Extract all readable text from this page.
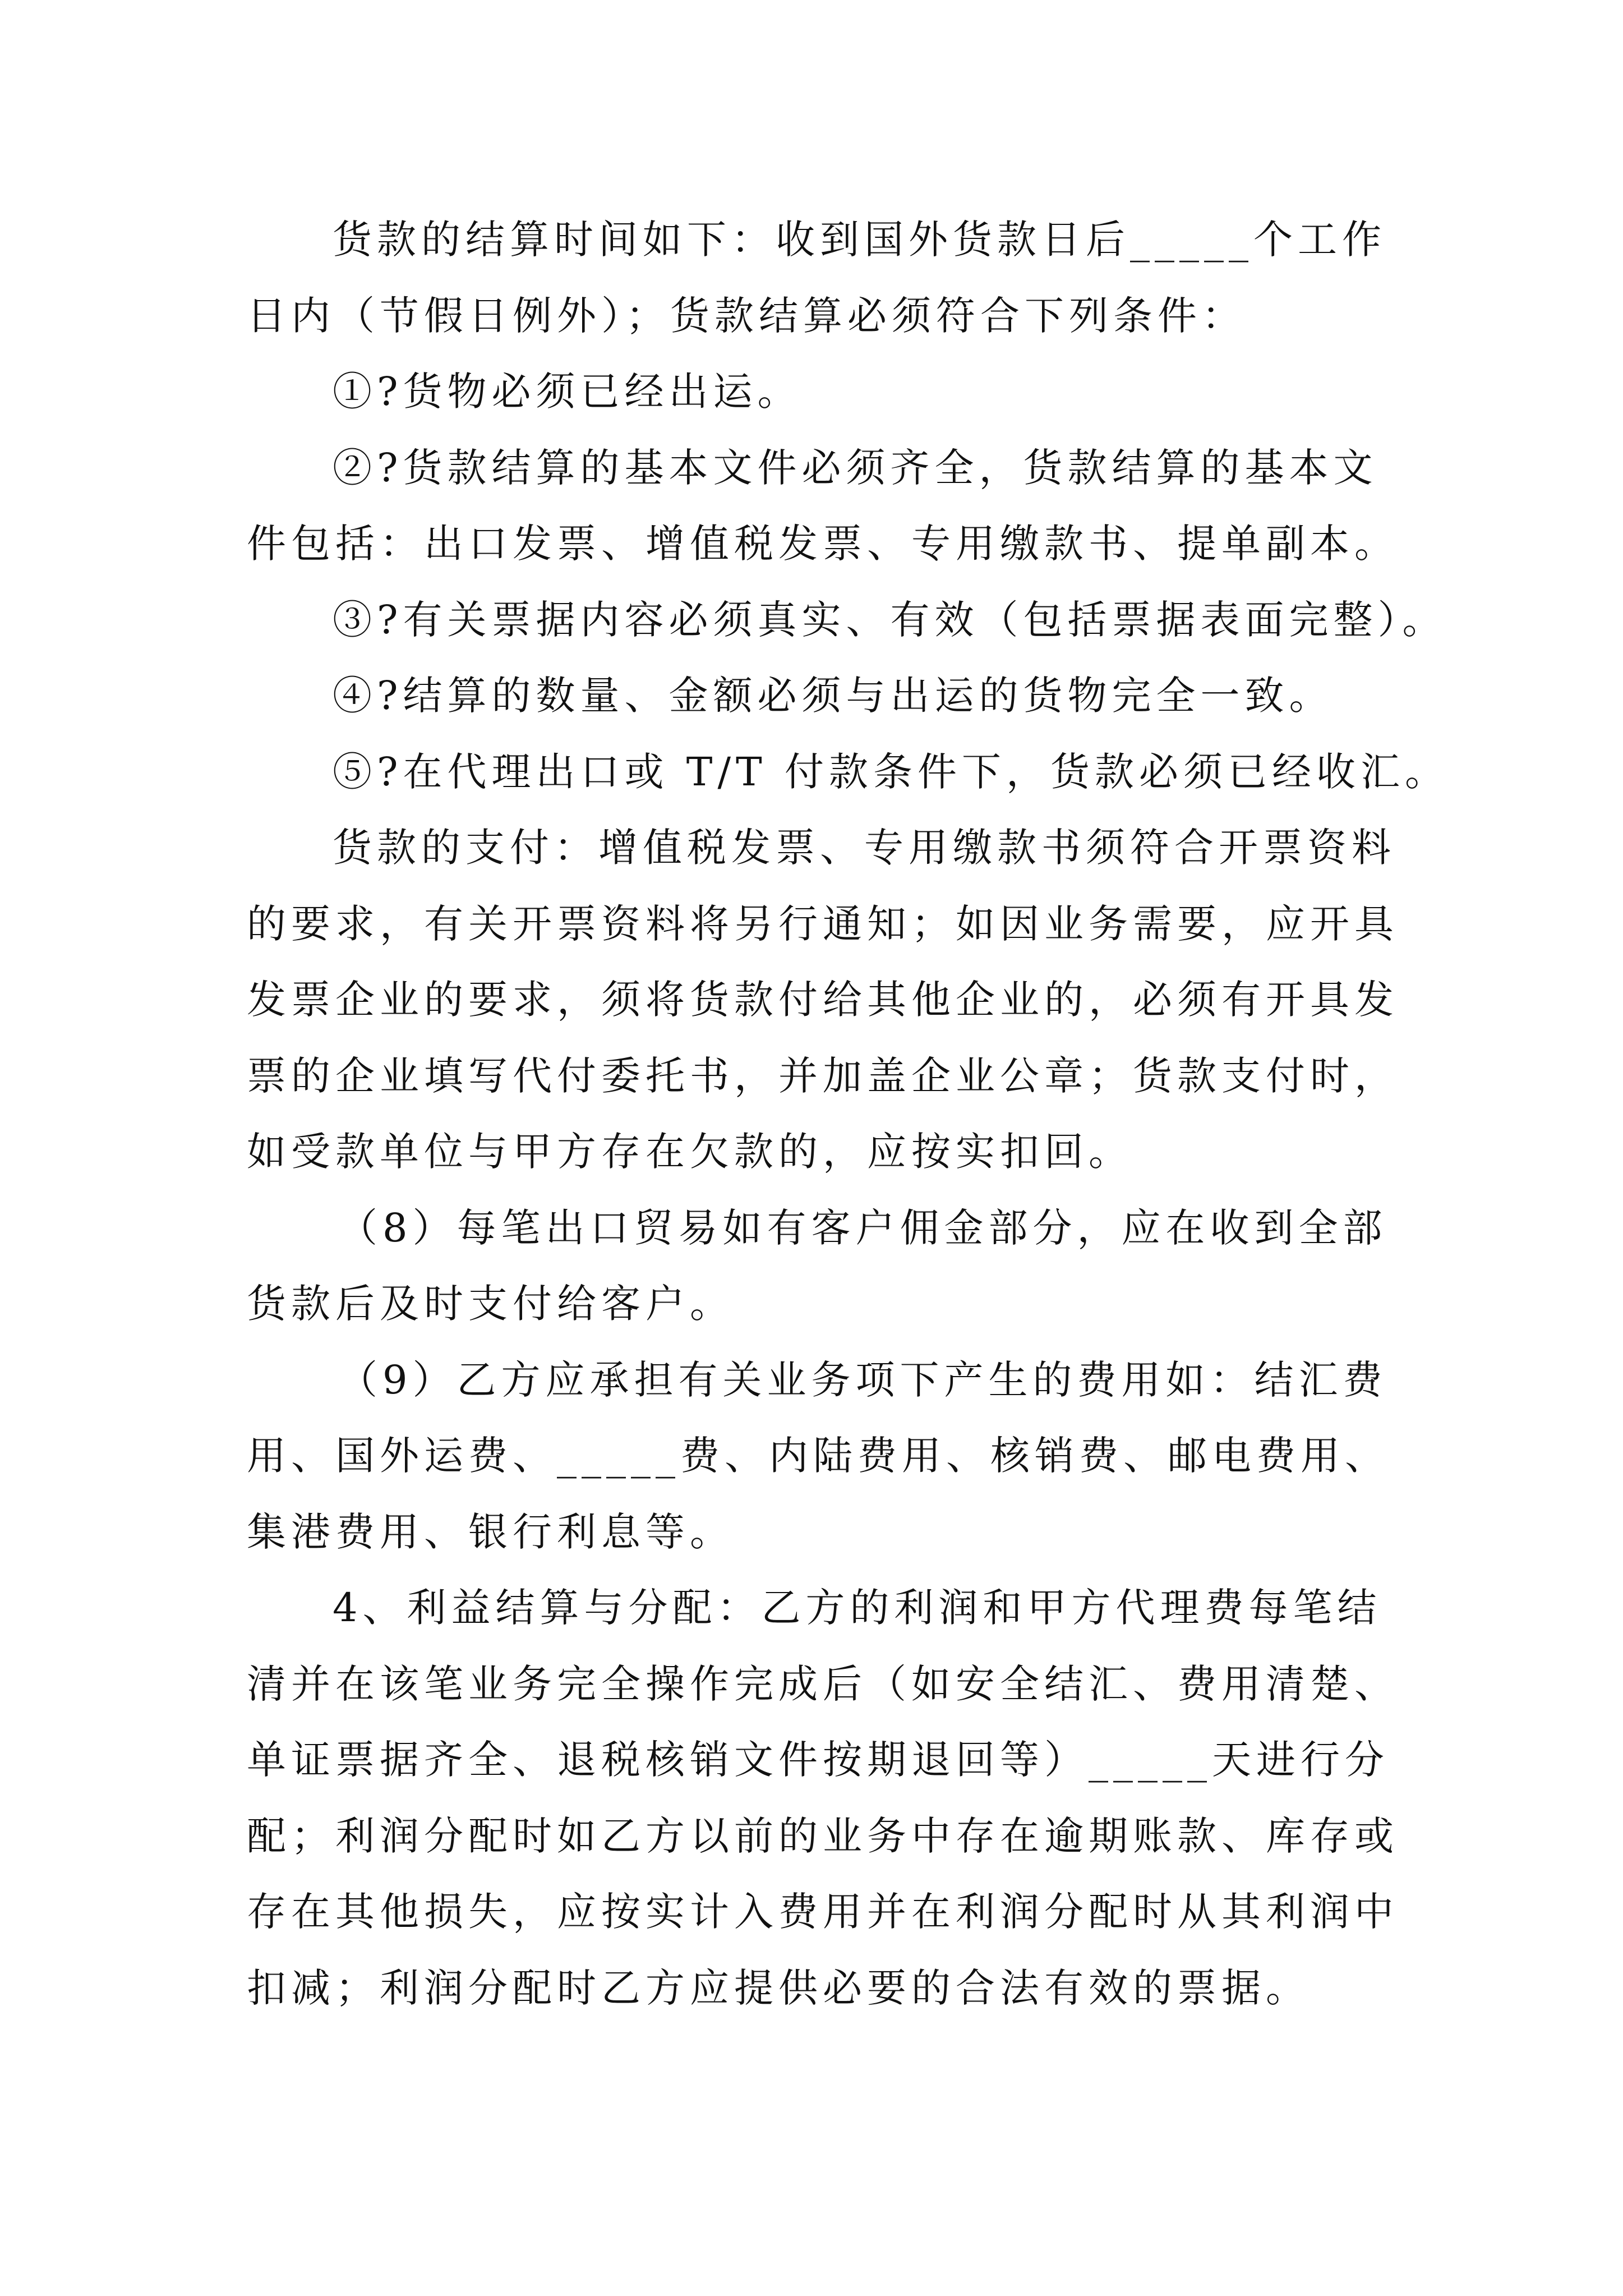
货款的结算时间如下：收到国外货款日后_____个工作
日内（节假日例外）；货款结算必须符合下列条件：
①?货物必须已经出运。
②?货款结算的基本文件必须齐全，货款结算的基本文
件包括：出口发票、增值税发票、专用缴款书、提单副本。
③?有关票据内容必须真实、有效（包括票据表面完整）。
④?结算的数量、金额必须与出运的货物完全一致。
⑤?在代理出口或 T/T 付款条件下，货款必须已经收汇。
货款的支付：增值税发票、专用缴款书须符合开票资料
的要求，有关开票资料将另行通知；如因业务需要，应开具
发票企业的要求，须将货款付给其他企业的，必须有开具发
票的企业填写代付委托书，并加盖企业公章；货款支付时，
如受款单位与甲方存在欠款的，应按实扣回。
（8）每笔出口贸易如有客户佣金部分，应在收到全部
货款后及时支付给客户。
（9）乙方应承担有关业务项下产生的费用如：结汇费
用、国外运费、_____费、内陆费用、核销费、邮电费用、
集港费用、银行利息等。
4、利益结算与分配：乙方的利润和甲方代理费每笔结
清并在该笔业务完全操作完成后（如安全结汇、费用清楚、
单证票据齐全、退税核销文件按期退回等）_____天进行分
配；利润分配时如乙方以前的业务中存在逾期账款、库存或
存在其他损失，应按实计入费用并在利润分配时从其利润中
扣减；利润分配时乙方应提供必要的合法有效的票据。
